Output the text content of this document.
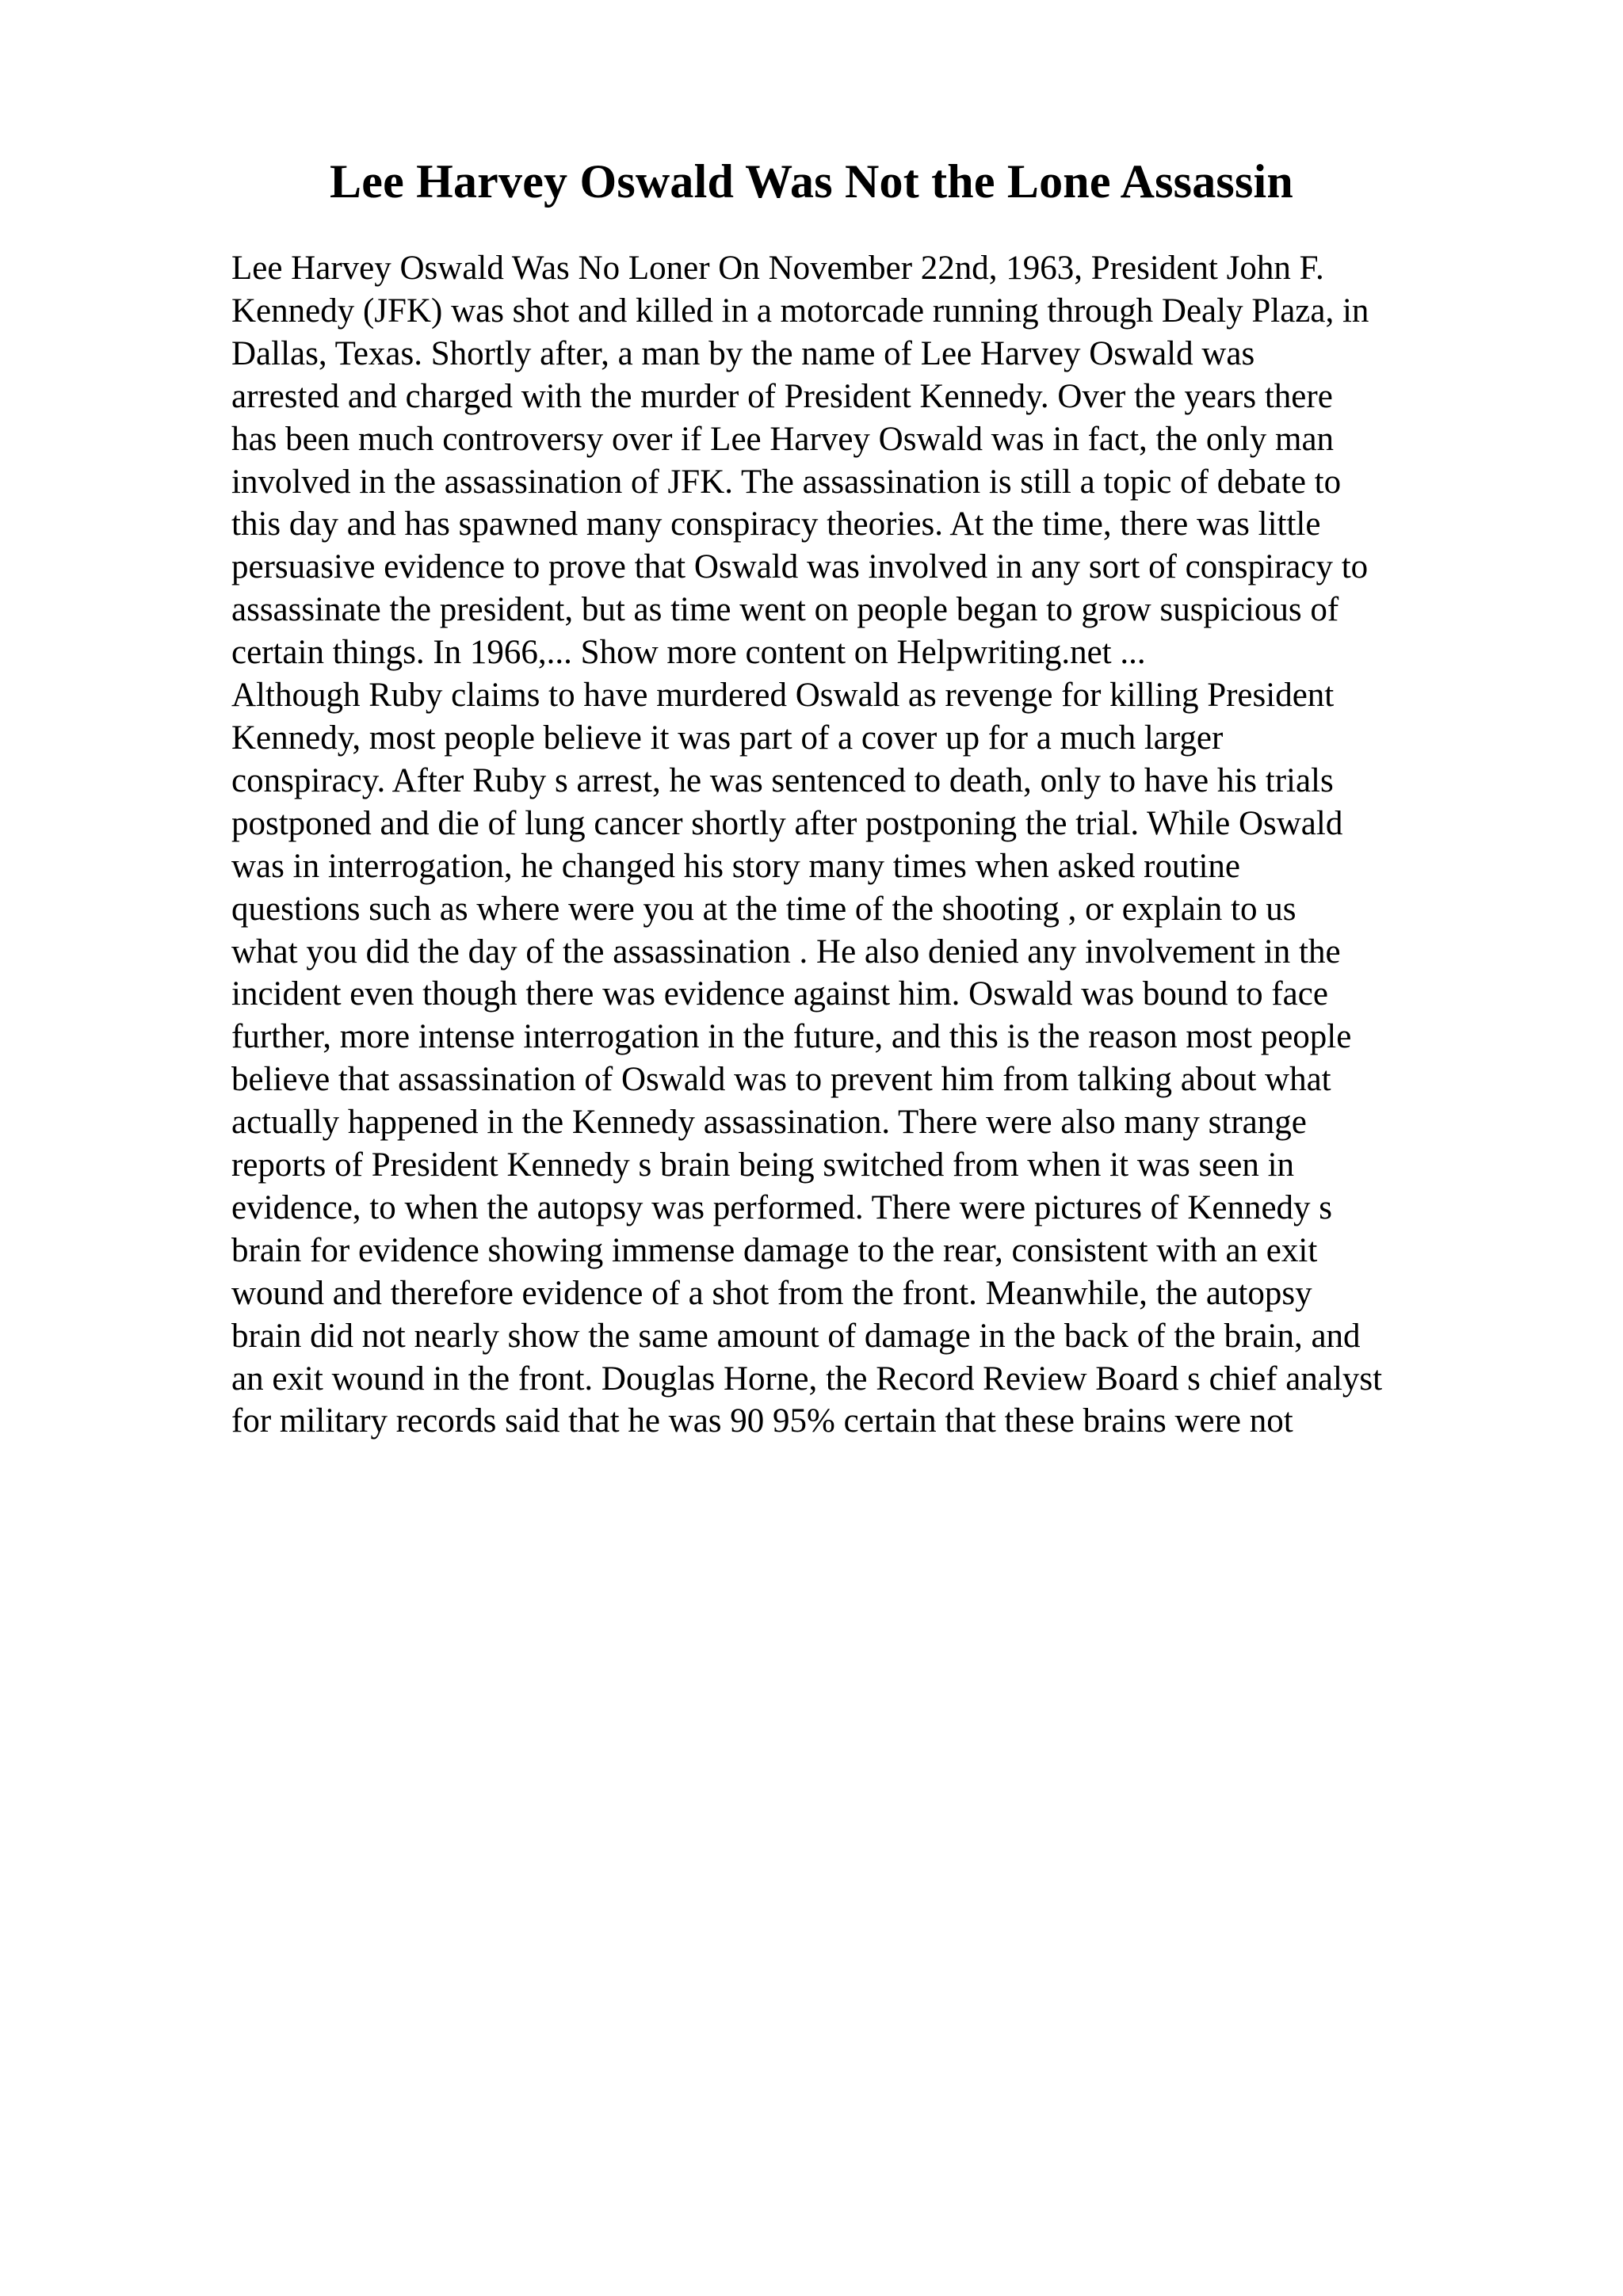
Lee Harvey Oswald Was Not the Lone Assassin
Lee Harvey Oswald Was No Loner On November 22nd, 1963, President John F.
Kennedy (JFK) was shot and killed in a motorcade running through Dealy Plaza, in
Dallas, Texas. Shortly after, a man by the name of Lee Harvey Oswald was
arrested and charged with the murder of President Kennedy. Over the years there
has been much controversy over if Lee Harvey Oswald was in fact, the only man
involved in the assassination of JFK. The assassination is still a topic of debate to
this day and has spawned many conspiracy theories. At the time, there was little
persuasive evidence to prove that Oswald was involved in any sort of conspiracy to
assassinate the president, but as time went on people began to grow suspicious of
certain things. In 1966,... Show more content on Helpwriting.net ...
Although Ruby claims to have murdered Oswald as revenge for killing President
Kennedy, most people believe it was part of a cover up for a much larger
conspiracy. After Ruby s arrest, he was sentenced to death, only to have his trials
postponed and die of lung cancer shortly after postponing the trial. While Oswald
was in interrogation, he changed his story many times when asked routine
questions such as where were you at the time of the shooting , or explain to us
what you did the day of the assassination . He also denied any involvement in the
incident even though there was evidence against him. Oswald was bound to face
further, more intense interrogation in the future, and this is the reason most people
believe that assassination of Oswald was to prevent him from talking about what
actually happened in the Kennedy assassination. There were also many strange
reports of President Kennedy s brain being switched from when it was seen in
evidence, to when the autopsy was performed. There were pictures of Kennedy s
brain for evidence showing immense damage to the rear, consistent with an exit
wound and therefore evidence of a shot from the front. Meanwhile, the autopsy
brain did not nearly show the same amount of damage in the back of the brain, and
an exit wound in the front. Douglas Horne, the Record Review Board s chief analyst
for military records said that he was 90 95% certain that these brains were not
